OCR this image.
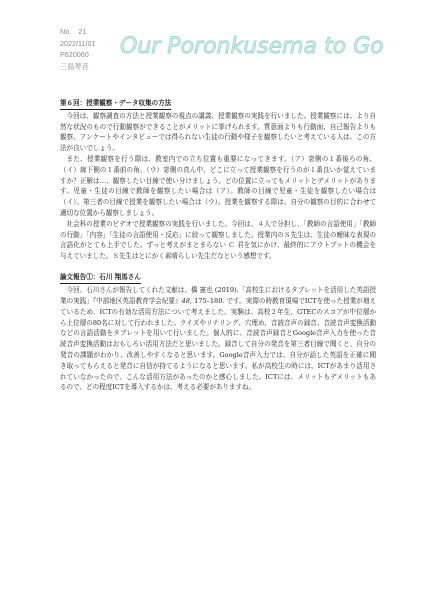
No.　21
2022/11/01
P620060
三島琴音
Our Poronkusema to Go
第６回：授業観察・データ収集の方法

今回は、観察調査の方法と授業観察の視点の講義、授業観察の実践を行いました。授業観察には、より自然な状況のもので行動観察ができることがメリットに挙げられます。質意面よりも行動面、自己報告よりも観察、アンケートやインタビューでは得られない生徒の行動や様子を観察したいと考えている人は、この方法が良いでしょう。

また、授業観察を行う際は、教室内での立ち位置も重要になってきます。（ア）窓側の１番後ろの角、（イ）廊下側の１番前の角、（ウ）窓側の真ん中、どこに立って授業観察を行うのが１番良いか覚えていますか？正解は…、観察したい目線で使い分けましょう。どの位置に立ってもメリットとデメリットがあります。児童・生徒の目線で教師を観察したい場合は（ア）。教師の目線で児童・生徒を観察したい場合は（イ）。第三者の目線で授業を観察したい場合は（ウ）。授業を観察する際は、自分の観察の目的に合わせて適切な位置から観察しましょう。

社会科の授業のビデオで授業観察の実践を行いました。今回は、４人で分担し、「教師の言語使用」「教師の行動」「内容」「生徒の言語使用・反応」に絞って観察しました。授業内のＳ先生は、生徒の曖昧な表現の言語化がとても上手でした。ずっと考えがまとまらない Ｃ 君を気にかけ、最終的にアウトプットの機会を与えていました。Ｓ先生はとにかく素晴らしい先生だなという感想です。

論文報告①：石川 翔馬さん

今回、石川さんが報告してくれた文献は、橋 憲也 (2019).「高校生におけるタブレットを活用した英語授業の実践」『中部地区英語教育学会紀要』48, 175–180. です。実際の時教育現場でICTを使った授業が増えているため、ICTの有効な活用方法について考えました。実験は、高校２年生、GTECのスコアが中位層から上位層の80名に対して行われました。クイズやリテリング、穴埋め、音読音声の録音、音読音声変換活動などの言語活動をタブレットを用いて行いました。個人的に、音読音声録音とGoogle音声入力を使った音読音声変換活動はおもしろい活用方法だと思いました。録音して自分の発音を第三者目線で聞くと、自分の発音の課題がわかり、改善しやすくなると思います。Google音声入力では、自分が話した英語を正確に聞き取ってもらえると発音に自信が持てるようになると思います。私が高校生の時には、ICTがあまり活用されていなかったので、こんな活用方法があったのかと感心しました。ICTには、メリットもデメリットもあるので、どの程度ICTを導入するかは、考える必要がありますね。
